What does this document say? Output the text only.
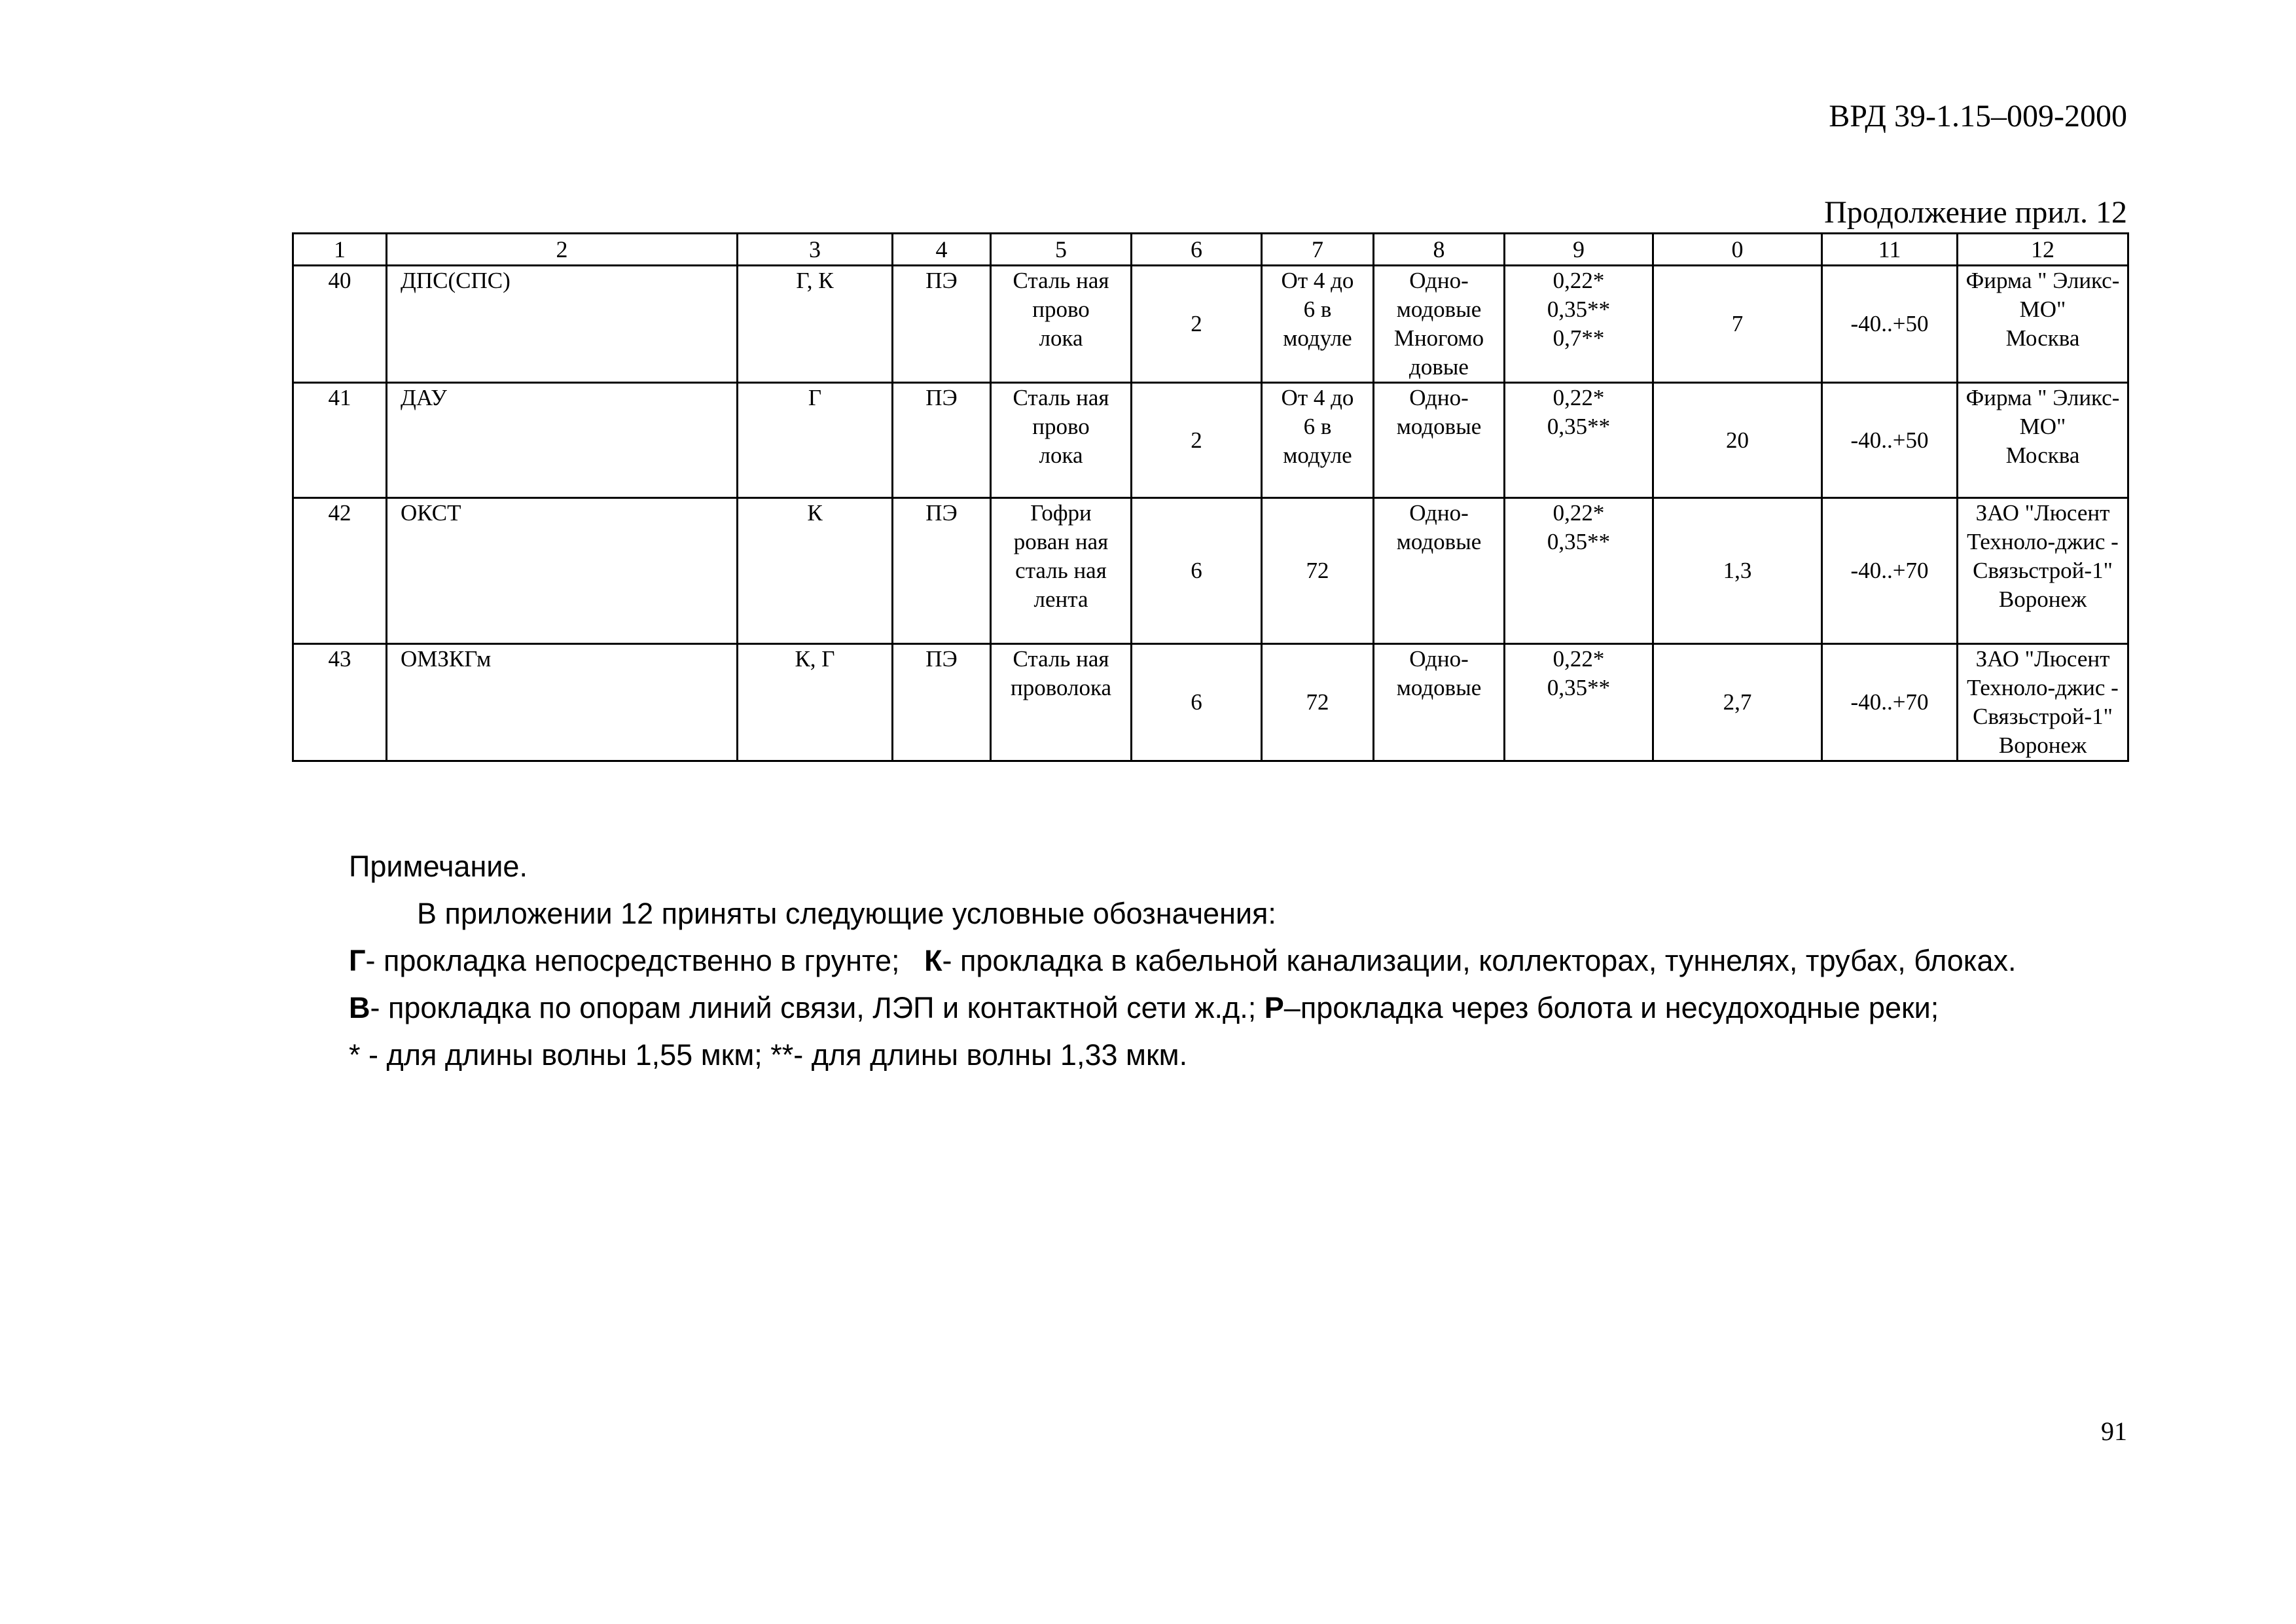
ВРД 39-1.15–009-2000
Продолжение прил. 12
1	2	3	4	5	6	7	8	9	0	11	12
40	ДПС(СПС)	Г, К	ПЭ	Сталь ная
прово
лока	2	От 4 до
6 в
модуле	Одно-
модовые
Многомо
довые	0,22*
0,35**
0,7**	7	-40..+50	Фирма " Эликс-
МО"
Москва

41	ДАУ	Г	ПЭ	Сталь ная
прово
лока	2	От 4 до
6 в
модуле	Одно-
модовые	0,22*
0,35**	20	-40..+50	Фирма " Эликс-
МО"
Москва

42	ОКСТ	К	ПЭ	Гофри
рован ная
сталь ная
лента	6	72	Одно-
модовые	0,22*
0,35**	1,3	-40..+70	ЗАО "Люсент
Техноло-джис -
Связьстрой-1"
Воронеж

43	ОМЗКГм	К, Г	ПЭ	Сталь ная
проволока	6	72	Одно-
модовые	0,22*
0,35**	2,7	-40..+70	ЗАО "Люсент
Техноло-джис -
Связьстрой-1"
Воронеж
Примечание.
В приложении 12 приняты следующие условные обозначения:
Г- прокладка непосредственно в грунте; К- прокладка в кабельной канализации, коллекторах, туннелях, трубах, блоках.
В- прокладка по опорам линий связи, ЛЭП и контактной сети ж.д.; Р–прокладка через болота и несудоходные реки;
* - для длины волны 1,55 мкм; **- для длины волны 1,33 мкм.
91
